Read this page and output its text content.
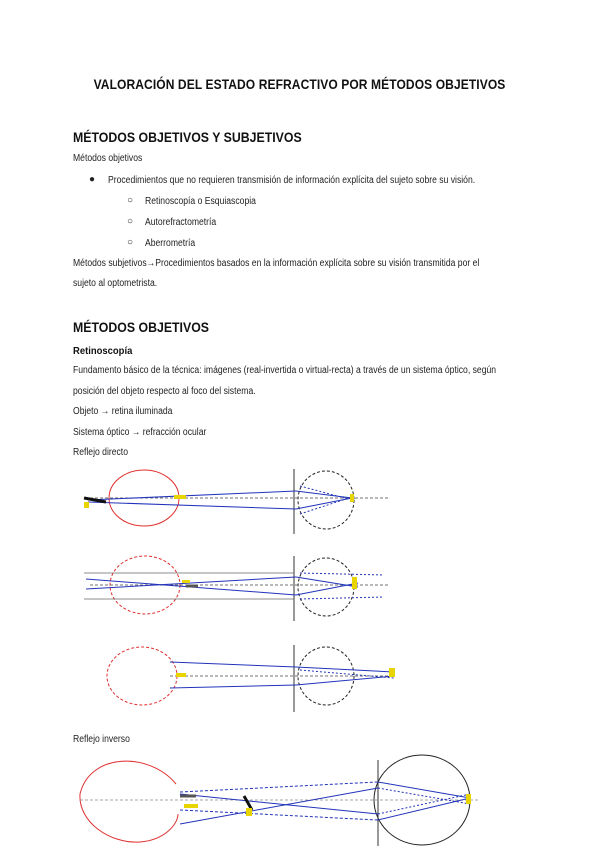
VALORACIÓN DEL ESTADO REFRACTIVO POR MÉTODOS OBJETIVOS
MÉTODOS OBJETIVOS Y SUBJETIVOS
Métodos objetivos
● Procedimientos que no requieren transmisión de información explícita del sujeto sobre su visión.
○ Retinoscopía o Esquiascopia
○ Autorefractometría
○ Aberrometría
Métodos subjetivos→Procedimientos basados en la información explícita sobre su visión transmitida por el
sujeto al optometrista.
MÉTODOS OBJETIVOS
Retinoscopía
Fundamento básico de la técnica: imágenes (real-invertida o virtual-recta) a través de un sistema óptico, según
posición del objeto respecto al foco del sistema.
Objeto → retina iluminada
Sistema óptico → refracción ocular
Reflejo directo
Reflejo inverso
